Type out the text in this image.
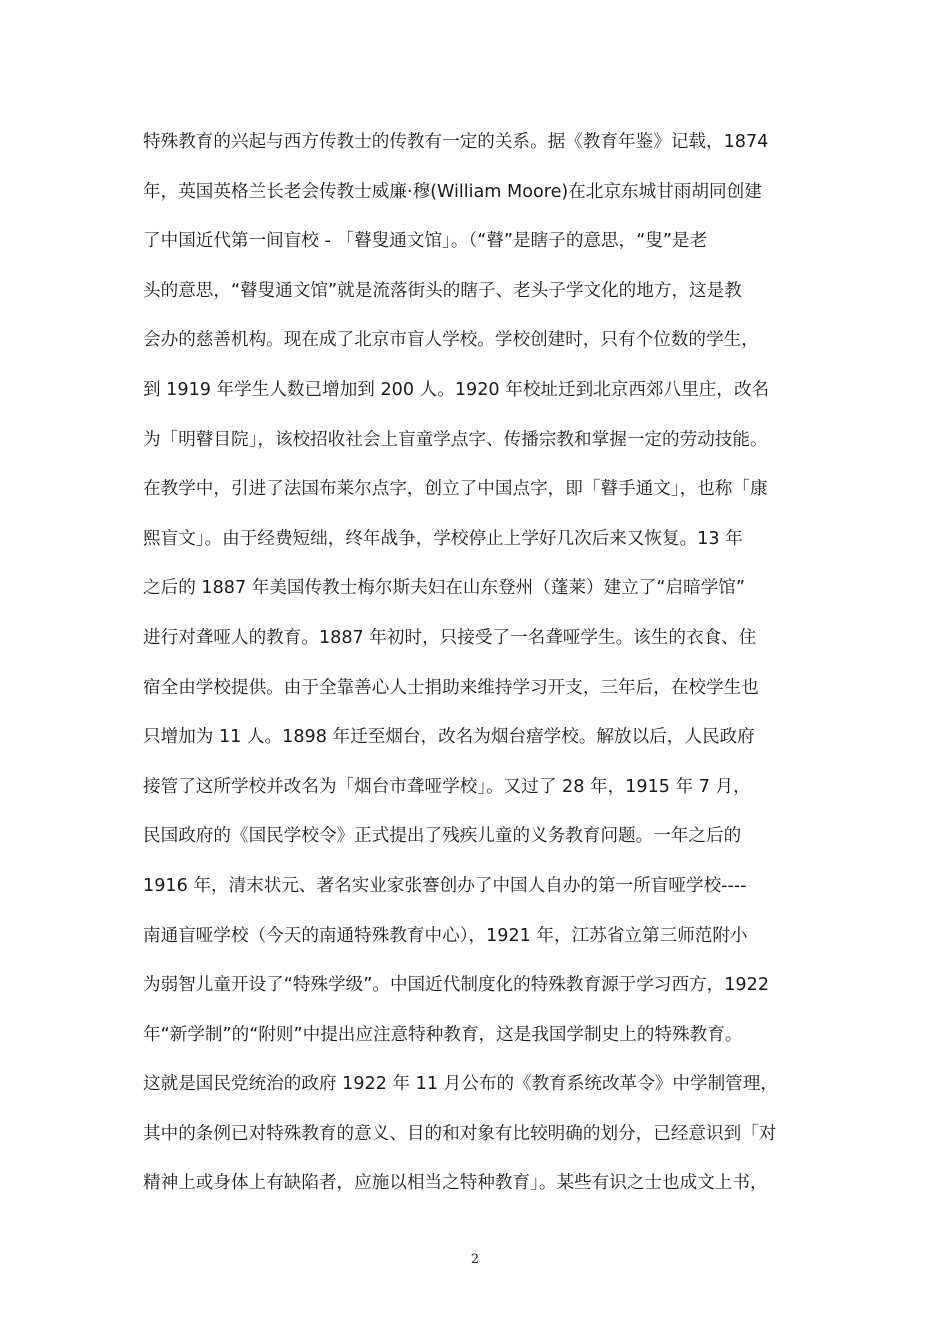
特殊教育的兴起与西方传教士的传教有一定的关系。据《教育年鉴》记载，1874
年，英国英格兰长老会传教士威廉·穆(William Moore)在北京东城甘雨胡同创建
了中国近代第一间盲校 - 「瞽叟通文馆」。（“瞽”是瞎子的意思，“叟”是老
头的意思，“瞽叟通文馆”就是流落街头的瞎子、老头子学文化的地方，这是教
会办的慈善机构。现在成了北京市盲人学校。学校创建时，只有个位数的学生，
到 1919 年学生人数已增加到 200 人。1920 年校址迁到北京西郊八里庄，改名
为「明瞽目院」，该校招收社会上盲童学点字、传播宗教和掌握一定的劳动技能。
在教学中，引进了法国布莱尔点字，创立了中国点字，即「瞽手通文」，也称「康
熙盲文」。由于经费短绌，终年战争，学校停止上学好几次后来又恢复。13 年
之后的 1887 年美国传教士梅尔斯夫妇在山东登州（蓬莱）建立了“启暗学馆”
进行对聋哑人的教育。1887 年初时，只接受了一名聋哑学生。该生的衣食、住
宿全由学校提供。由于全靠善心人士捐助来维持学习开支，三年后，在校学生也
只增加为 11 人。1898 年迁至烟台，改名为烟台瘖学校。解放以后，人民政府
接管了这所学校并改名为「烟台市聋哑学校」。又过了 28 年，1915 年 7 月，
民国政府的《国民学校令》正式提出了残疾儿童的义务教育问题。一年之后的
1916 年，清末状元、著名实业家张謇创办了中国人自办的第一所盲哑学校----
南通盲哑学校（今天的南通特殊教育中心），1921 年，江苏省立第三师范附小
为弱智儿童开设了“特殊学级”。中国近代制度化的特殊教育源于学习西方，1922
年“新学制”的“附则”中提出应注意特种教育，这是我国学制史上的特殊教育。
这就是国民党统治的政府 1922 年 11 月公布的《教育系统改革令》中学制管理，
其中的条例已对特殊教育的意义、目的和对象有比较明确的划分，已经意识到「对
精神上或身体上有缺陷者，应施以相当之特种教育」。某些有识之士也成文上书，
2
